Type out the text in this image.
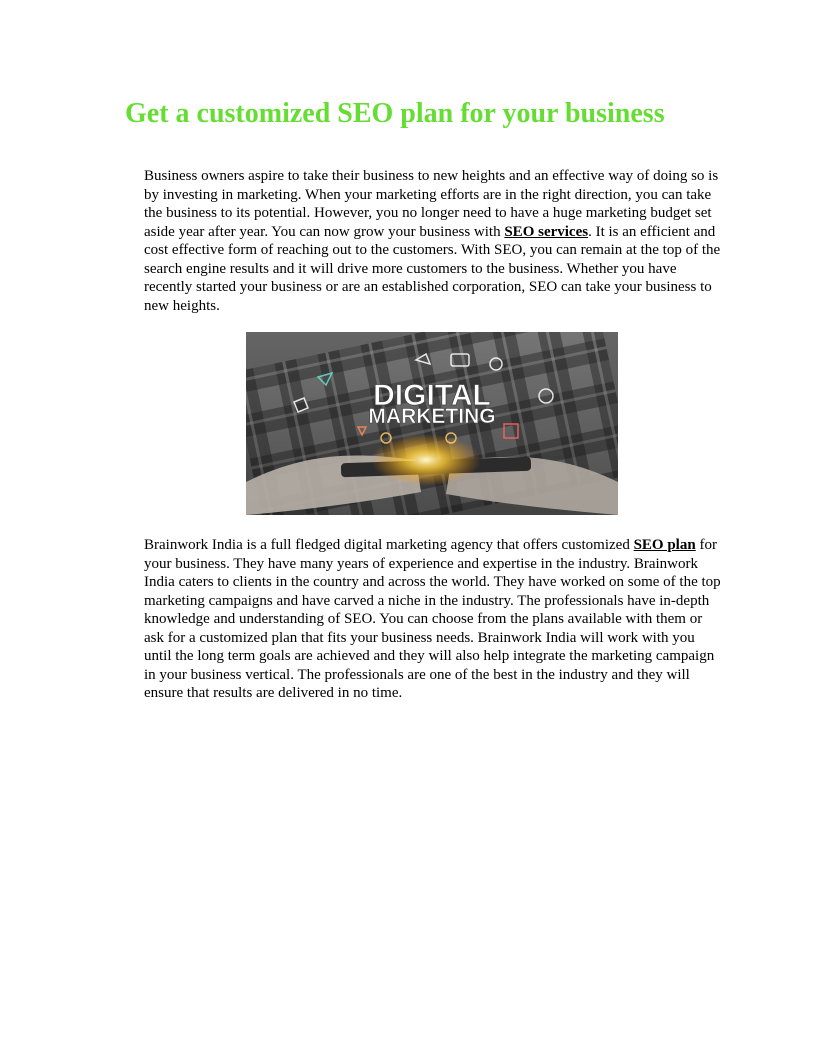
Get a customized SEO plan for your business

Business owners aspire to take their business to new heights and an effective way of doing so is by investing in marketing. When your marketing efforts are in the right direction, you can take the business to its potential. However, you no longer need to have a huge marketing budget set aside year after year. You can now grow your business with SEO services. It is an efficient and cost effective form of reaching out to the customers. With SEO, you can remain at the top of the search engine results and it will drive more customers to the business. Whether you have recently started your business or are an established corporation, SEO can take your business to new heights.

DIGITAL
MARKETING

Brainwork India is a full fledged digital marketing agency that offers customized SEO plan for your business. They have many years of experience and expertise in the industry. Brainwork India caters to clients in the country and across the world. They have worked on some of the top marketing campaigns and have carved a niche in the industry. The professionals have in-depth knowledge and understanding of SEO. You can choose from the plans available with them or ask for a customized plan that fits your business needs. Brainwork India will work with you until the long term goals are achieved and they will also help integrate the marketing campaign in your business vertical. The professionals are one of the best in the industry and they will ensure that results are delivered in no time.
